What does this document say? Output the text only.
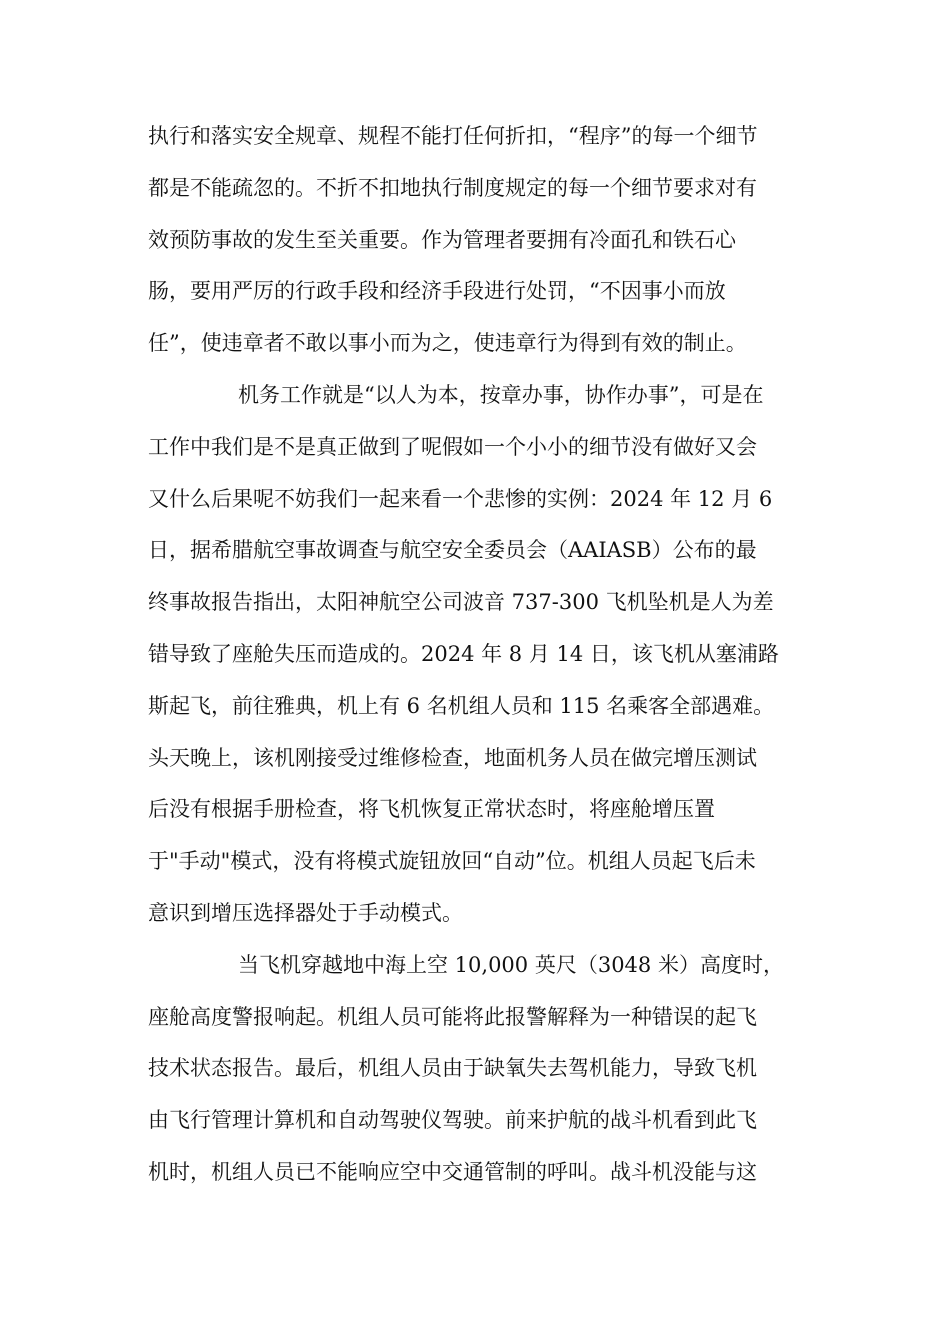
执行和落实安全规章、规程不能打任何折扣，“程序”的每一个细节
都是不能疏忽的。不折不扣地执行制度规定的每一个细节要求对有
效预防事故的发生至关重要。作为管理者要拥有冷面孔和铁石心
肠，要用严厉的行政手段和经济手段进行处罚，“不因事小而放
任”，使违章者不敢以事小而为之，使违章行为得到有效的制止。
机务工作就是“以人为本，按章办事，协作办事”，可是在
工作中我们是不是真正做到了呢假如一个小小的细节没有做好又会
又什么后果呢不妨我们一起来看一个悲惨的实例：2024 年 12 月 6
日，据希腊航空事故调查与航空安全委员会（AAIASB）公布的最
终事故报告指出，太阳神航空公司波音 737-300 飞机坠机是人为差
错导致了座舱失压而造成的。2024 年 8 月 14 日，该飞机从塞浦路
斯起飞，前往雅典，机上有 6 名机组人员和 115 名乘客全部遇难。
头天晚上，该机刚接受过维修检查，地面机务人员在做完增压测试
后没有根据手册检查，将飞机恢复正常状态时，将座舱增压置
于"手动"模式，没有将模式旋钮放回“自动”位。机组人员起飞后未
意识到增压选择器处于手动模式。
当飞机穿越地中海上空 10,000 英尺（3048 米）高度时，
座舱高度警报响起。机组人员可能将此报警解释为一种错误的起飞
技术状态报告。最后，机组人员由于缺氧失去驾机能力，导致飞机
由飞行管理计算机和自动驾驶仪驾驶。前来护航的战斗机看到此飞
机时，机组人员已不能响应空中交通管制的呼叫。战斗机没能与这
